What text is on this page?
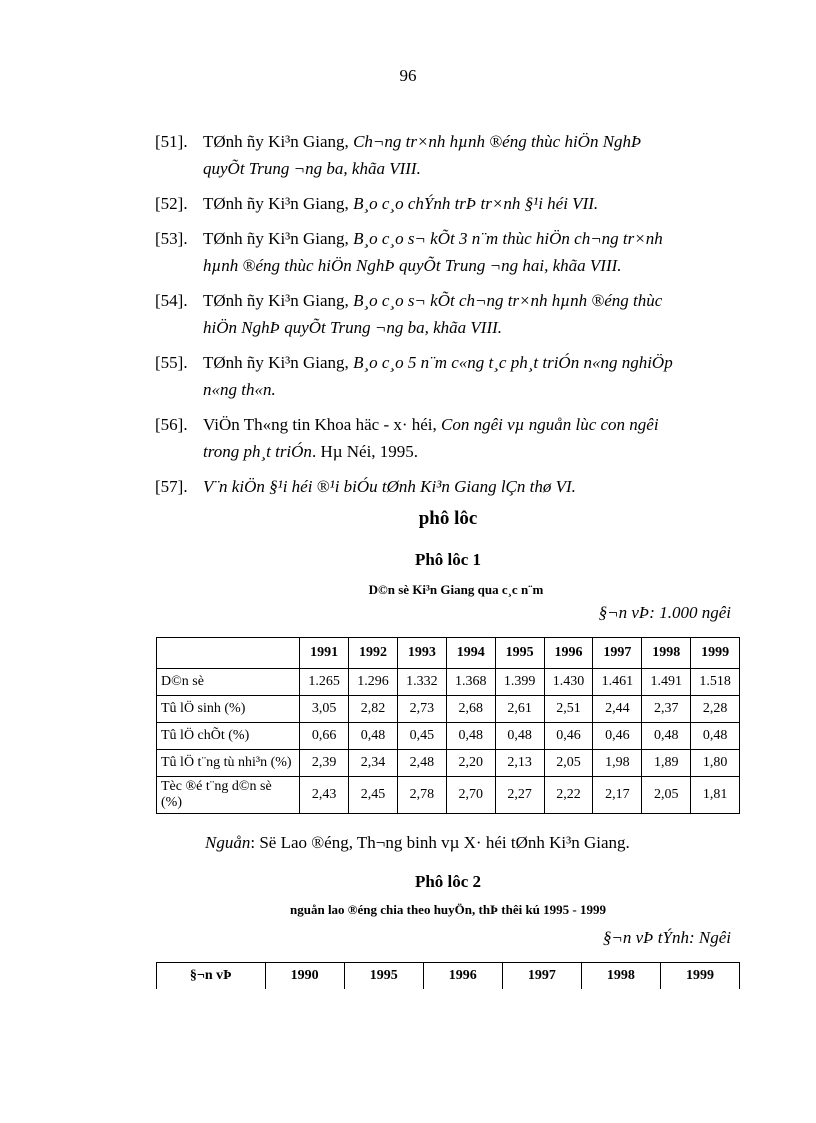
96
[51]. TØnh ñy Ki³n Giang, Ch¬ng tr×nh hµnh ®éng thùc hiÖn NghÞ
quyÕt Trung ¬ng ba, khãa VIII.
[52]. TØnh ñy Ki³n Giang, B¸o c¸o chÝnh trÞ tr×nh §¹i héi VII.
[53]. TØnh ñy Ki³n Giang, B¸o c¸o s¬ kÕt 3 n¨m thùc hiÖn ch¬ng tr×nh
hµnh ®éng thùc hiÖn NghÞ quyÕt Trung ¬ng hai, khãa VIII.
[54]. TØnh ñy Ki³n Giang, B¸o c¸o s¬ kÕt ch¬ng tr×nh hµnh ®éng thùc
hiÖn NghÞ quyÕt Trung ¬ng ba, khãa VIII.
[55]. TØnh ñy Ki³n Giang, B¸o c¸o 5 n¨m c«ng t¸c ph¸t triÓn n«ng nghiÖp
n«ng th«n.
[56]. ViÖn Th«ng tin Khoa häc - x· héi, Con ngêi vµ nguån lùc con ngêi
trong ph¸t triÓn. Hµ Néi, 1995.
[57]. V¨n kiÖn §¹i héi ®¹i biÓu tØnh Ki³n Giang lÇn thø VI.
phô lôc
Phô lôc 1
D©n sè Ki³n Giang qua c¸c n¨m
§¬n vÞ: 1.000 ngêi
	1991	1992	1993	1994	1995	1996	1997	1998	1999
D©n sè	1.265	1.296	1.332	1.368	1.399	1.430	1.461	1.491	1.518
Tû lÖ sinh (%)	3,05	2,82	2,73	2,68	2,61	2,51	2,44	2,37	2,28
Tû lÖ chÕt (%)	0,66	0,48	0,45	0,48	0,48	0,46	0,46	0,48	0,48
Tû lÖ t¨ng tù nhi³n (%)	2,39	2,34	2,48	2,20	2,13	2,05	1,98	1,89	1,80
Tèc ®é t¨ng d©n sè (%)	2,43	2,45	2,78	2,70	2,27	2,22	2,17	2,05	1,81
Nguån: Së Lao ®éng, Th¬ng binh vµ X· héi tØnh Ki³n Giang.
Phô lôc 2
nguån lao ®éng chia theo huyÖn, thÞ thêi kú 1995 - 1999
§¬n vÞ tÝnh: Ngêi
§¬n vÞ	1990	1995	1996	1997	1998	1999
